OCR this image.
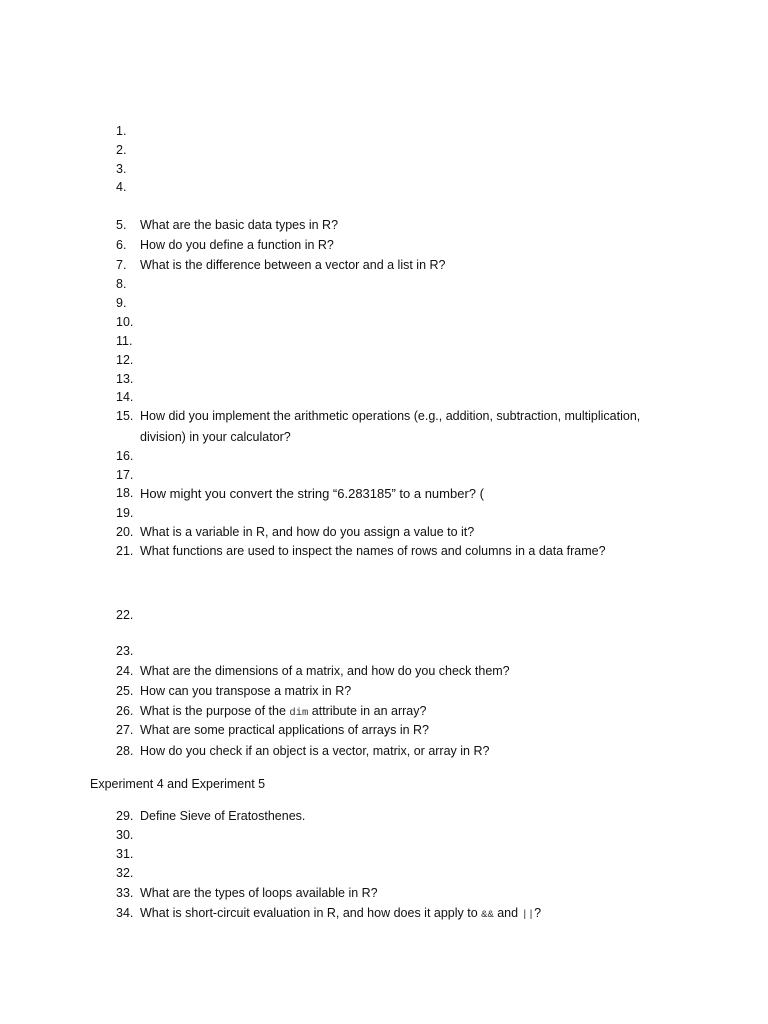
1.
2.
3.
4.
5. What are the basic data types in R?
6. How do you define a function in R?
7. What is the difference between a vector and a list in R?
8.
9.
10.
11.
12.
13.
14.
15. How did you implement the arithmetic operations (e.g., addition, subtraction, multiplication,
division) in your calculator?
16.
17.
18. How might you convert the string “6.283185” to a number? (
19.
20. What is a variable in R, and how do you assign a value to it?
21. What functions are used to inspect the names of rows and columns in a data frame?
22.
23.
24. What are the dimensions of a matrix, and how do you check them?
25. How can you transpose a matrix in R?
26. What is the purpose of the dim attribute in an array?
27. What are some practical applications of arrays in R?
28. How do you check if an object is a vector, matrix, or array in R?
Experiment 4 and Experiment 5
29. Define Sieve of Eratosthenes.
30.
31.
32.
33. What are the types of loops available in R?
34. What is short-circuit evaluation in R, and how does it apply to && and ||?
